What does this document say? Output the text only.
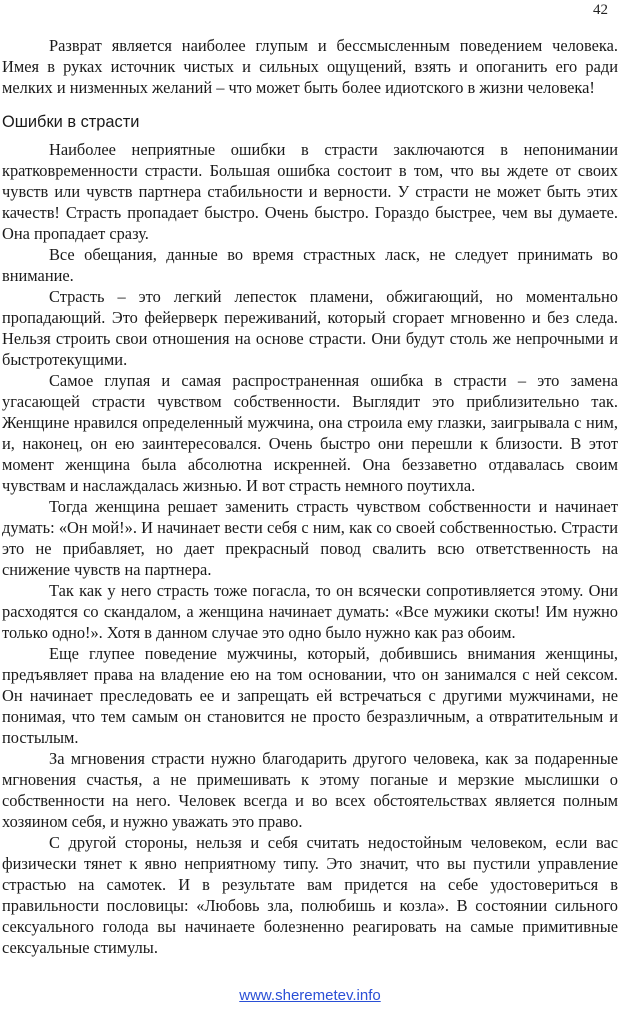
42

Разврат является наиболее глупым и бессмысленным поведением человека. Имея в руках источник чистых и сильных ощущений, взять и опоганить его ради мелких и низменных желаний – что может быть более идиотского в жизни человека!

Ошибки в страсти

Наиболее неприятные ошибки в страсти заключаются в непонимании кратковременности страсти. Большая ошибка состоит в том, что вы ждете от своих чувств или чувств партнера стабильности и верности. У страсти не может быть этих качеств! Страсть пропадает быстро. Очень быстро. Гораздо быстрее, чем вы думаете. Она пропадает сразу.

Все обещания, данные во время страстных ласк, не следует принимать во внимание.

Страсть – это легкий лепесток пламени, обжигающий, но моментально пропадающий. Это фейерверк переживаний, который сгорает мгновенно и без следа. Нельзя строить свои отношения на основе страсти. Они будут столь же непрочными и быстротекущими.

Самое глупая и самая распространенная ошибка в страсти – это замена угасающей страсти чувством собственности. Выглядит это приблизительно так. Женщине нравился определенный мужчина, она строила ему глазки, заигрывала с ним, и, наконец, он ею заинтересовался. Очень быстро они перешли к близости. В этот момент женщина была абсолютна искренней. Она беззаветно отдавалась своим чувствам и наслаждалась жизнью. И вот страсть немного поутихла.

Тогда женщина решает заменить страсть чувством собственности и начинает думать: «Он мой!». И начинает вести себя с ним, как со своей собственностью. Страсти это не прибавляет, но дает прекрасный повод свалить всю ответственность на снижение чувств на партнера.

Так как у него страсть тоже погасла, то он всячески сопротивляется этому. Они расходятся со скандалом, а женщина начинает думать: «Все мужики скоты! Им нужно только одно!». Хотя в данном случае это одно было нужно как раз обоим.

Еще глупее поведение мужчины, который, добившись внимания женщины, предъявляет права на владение ею на том основании, что он занимался с ней сексом. Он начинает преследовать ее и запрещать ей встречаться с другими мужчинами, не понимая, что тем самым он становится не просто безразличным, а отвратительным и постылым.

За мгновения страсти нужно благодарить другого человека, как за подаренные мгновения счастья, а не примешивать к этому поганые и мерзкие мыслишки о собственности на него. Человек всегда и во всех обстоятельствах является полным хозяином себя, и нужно уважать это право.

С другой стороны, нельзя и себя считать недостойным человеком, если вас физически тянет к явно неприятному типу. Это значит, что вы пустили управление страстью на самотек. И в результате вам придется на себе удостовериться в правильности пословицы: «Любовь зла, полюбишь и козла». В состоянии сильного сексуального голода вы начинаете болезненно реагировать на самые примитивные сексуальные стимулы.

www.sheremetev.info
